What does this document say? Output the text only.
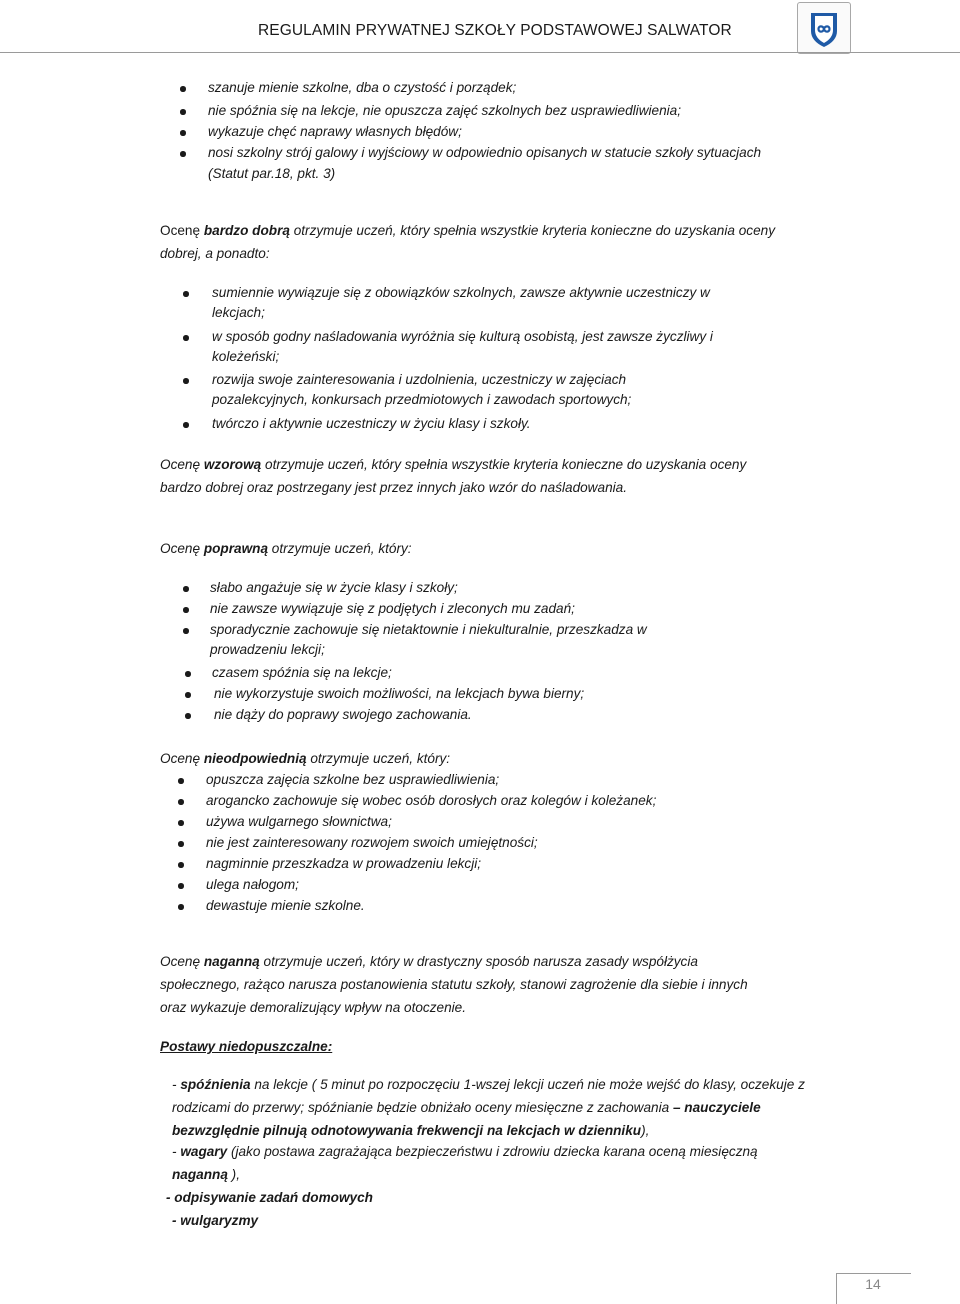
REGULAMIN PRYWATNEJ SZKOŁY PODSTAWOWEJ SALWATOR
szanuje mienie szkolne, dba o czystość i porządek;
nie spóźnia się na lekcje, nie opuszcza zajęć szkolnych bez usprawiedliwienia;
wykazuje chęć naprawy własnych błędów;
nosi szkolny strój galowy i wyjściowy w odpowiednio opisanych w statucie szkoły sytuacjach
(Statut par.18, pkt. 3)
Ocenę bardzo dobrą otrzymuje uczeń, który spełnia wszystkie kryteria konieczne do uzyskania oceny
dobrej, a ponadto:
sumiennie wywiązuje się z obowiązków szkolnych, zawsze aktywnie uczestniczy w
lekcjach;
w sposób godny naśladowania wyróżnia się kulturą osobistą, jest zawsze życzliwy i
koleżeński;
rozwija swoje zainteresowania i uzdolnienia, uczestniczy w zajęciach
pozalekcyjnych, konkursach przedmiotowych i zawodach sportowych;
twórczo i aktywnie uczestniczy w życiu klasy i szkoły.
Ocenę wzorową otrzymuje uczeń, który spełnia wszystkie kryteria konieczne do uzyskania oceny
bardzo dobrej oraz postrzegany jest przez innych jako wzór do naśladowania.
Ocenę poprawną otrzymuje uczeń, który:
słabo angażuje się w życie klasy i szkoły;
nie zawsze wywiązuje się z podjętych i zleconych mu zadań;
sporadycznie zachowuje się nietaktownie i niekulturalnie, przeszkadza w
prowadzeniu lekcji;
czasem spóźnia się na lekcje;
nie wykorzystuje swoich możliwości, na lekcjach bywa bierny;
nie dąży do poprawy swojego zachowania.
Ocenę nieodpowiednią otrzymuje uczeń, który:
opuszcza zajęcia szkolne bez usprawiedliwienia;
arogancko zachowuje się wobec osób dorosłych oraz kolegów i koleżanek;
używa wulgarnego słownictwa;
nie jest zainteresowany rozwojem swoich umiejętności;
nagminnie przeszkadza w prowadzeniu lekcji;
ulega nałogom;
dewastuje mienie szkolne.
Ocenę naganną otrzymuje uczeń, który w drastyczny sposób narusza zasady współżycia
społecznego, rażąco narusza postanowienia statutu szkoły, stanowi zagrożenie dla siebie i innych
oraz wykazuje demoralizujący wpływ na otoczenie.
Postawy niedopuszczalne:
- spóźnienia na lekcje ( 5 minut po rozpoczęciu 1-wszej lekcji uczeń nie może wejść do klasy, oczekuje z
rodzicami do przerwy; spóźnianie będzie obniżało oceny miesięczne z zachowania – nauczyciele
bezwzględnie pilnują odnotowywania frekwencji na lekcjach w dzienniku),
- wagary (jako postawa zagrażająca bezpieczeństwu i zdrowiu dziecka karana oceną miesięczną
naganną ),
- odpisywanie zadań domowych
- wulgaryzmy
14
